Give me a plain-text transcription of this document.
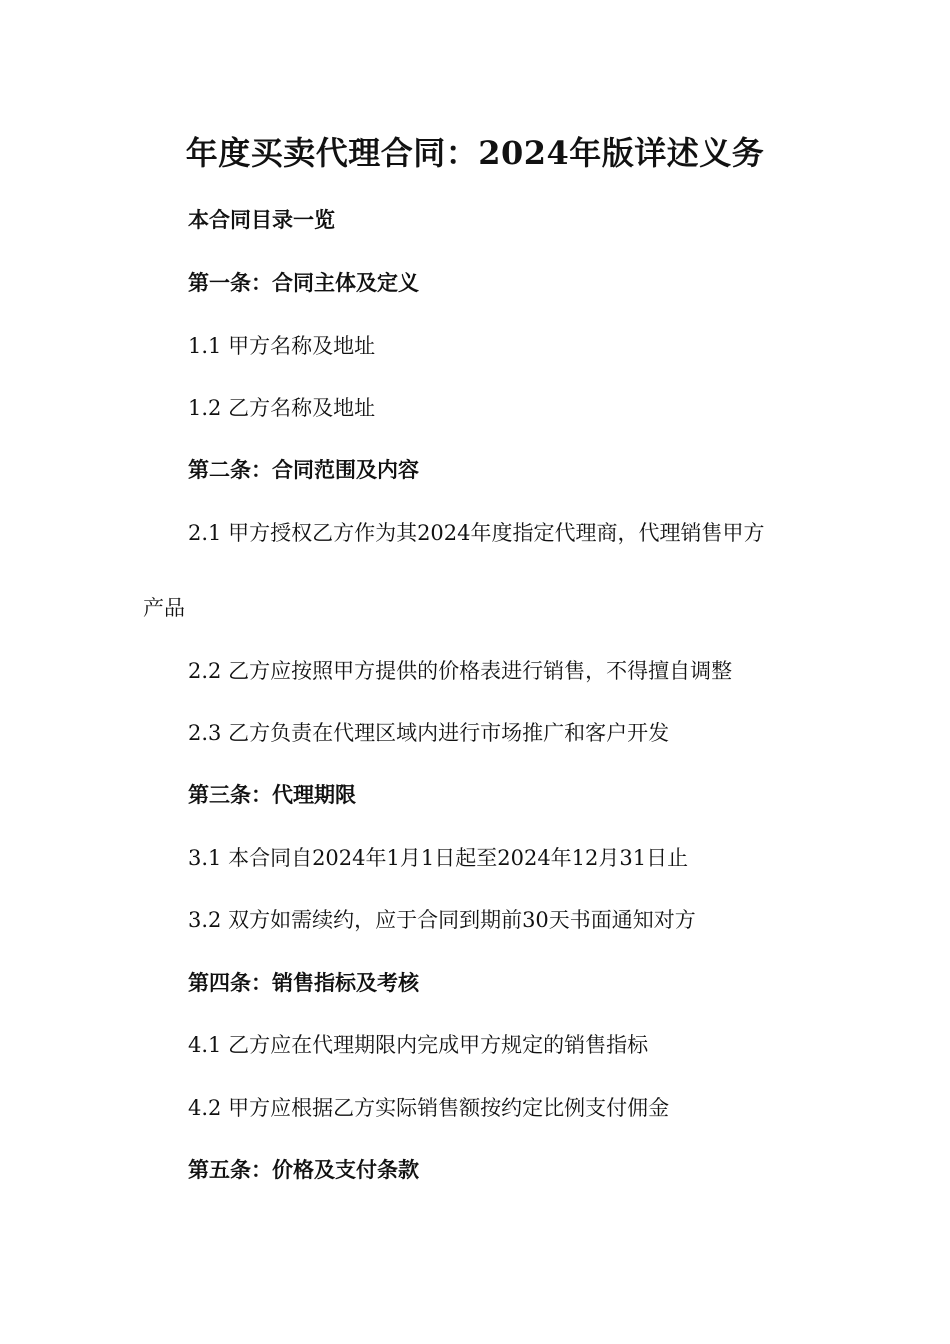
年度买卖代理合同：2024年版详述义务
本合同目录一览
第一条：合同主体及定义
1.1 甲方名称及地址
1.2 乙方名称及地址
第二条：合同范围及内容
2.1 甲方授权乙方作为其2024年度指定代理商，代理销售甲方
产品
2.2 乙方应按照甲方提供的价格表进行销售，不得擅自调整
2.3 乙方负责在代理区域内进行市场推广和客户开发
第三条：代理期限
3.1 本合同自2024年1月1日起至2024年12月31日止
3.2 双方如需续约，应于合同到期前30天书面通知对方
第四条：销售指标及考核
4.1 乙方应在代理期限内完成甲方规定的销售指标
4.2 甲方应根据乙方实际销售额按约定比例支付佣金
第五条：价格及支付条款
